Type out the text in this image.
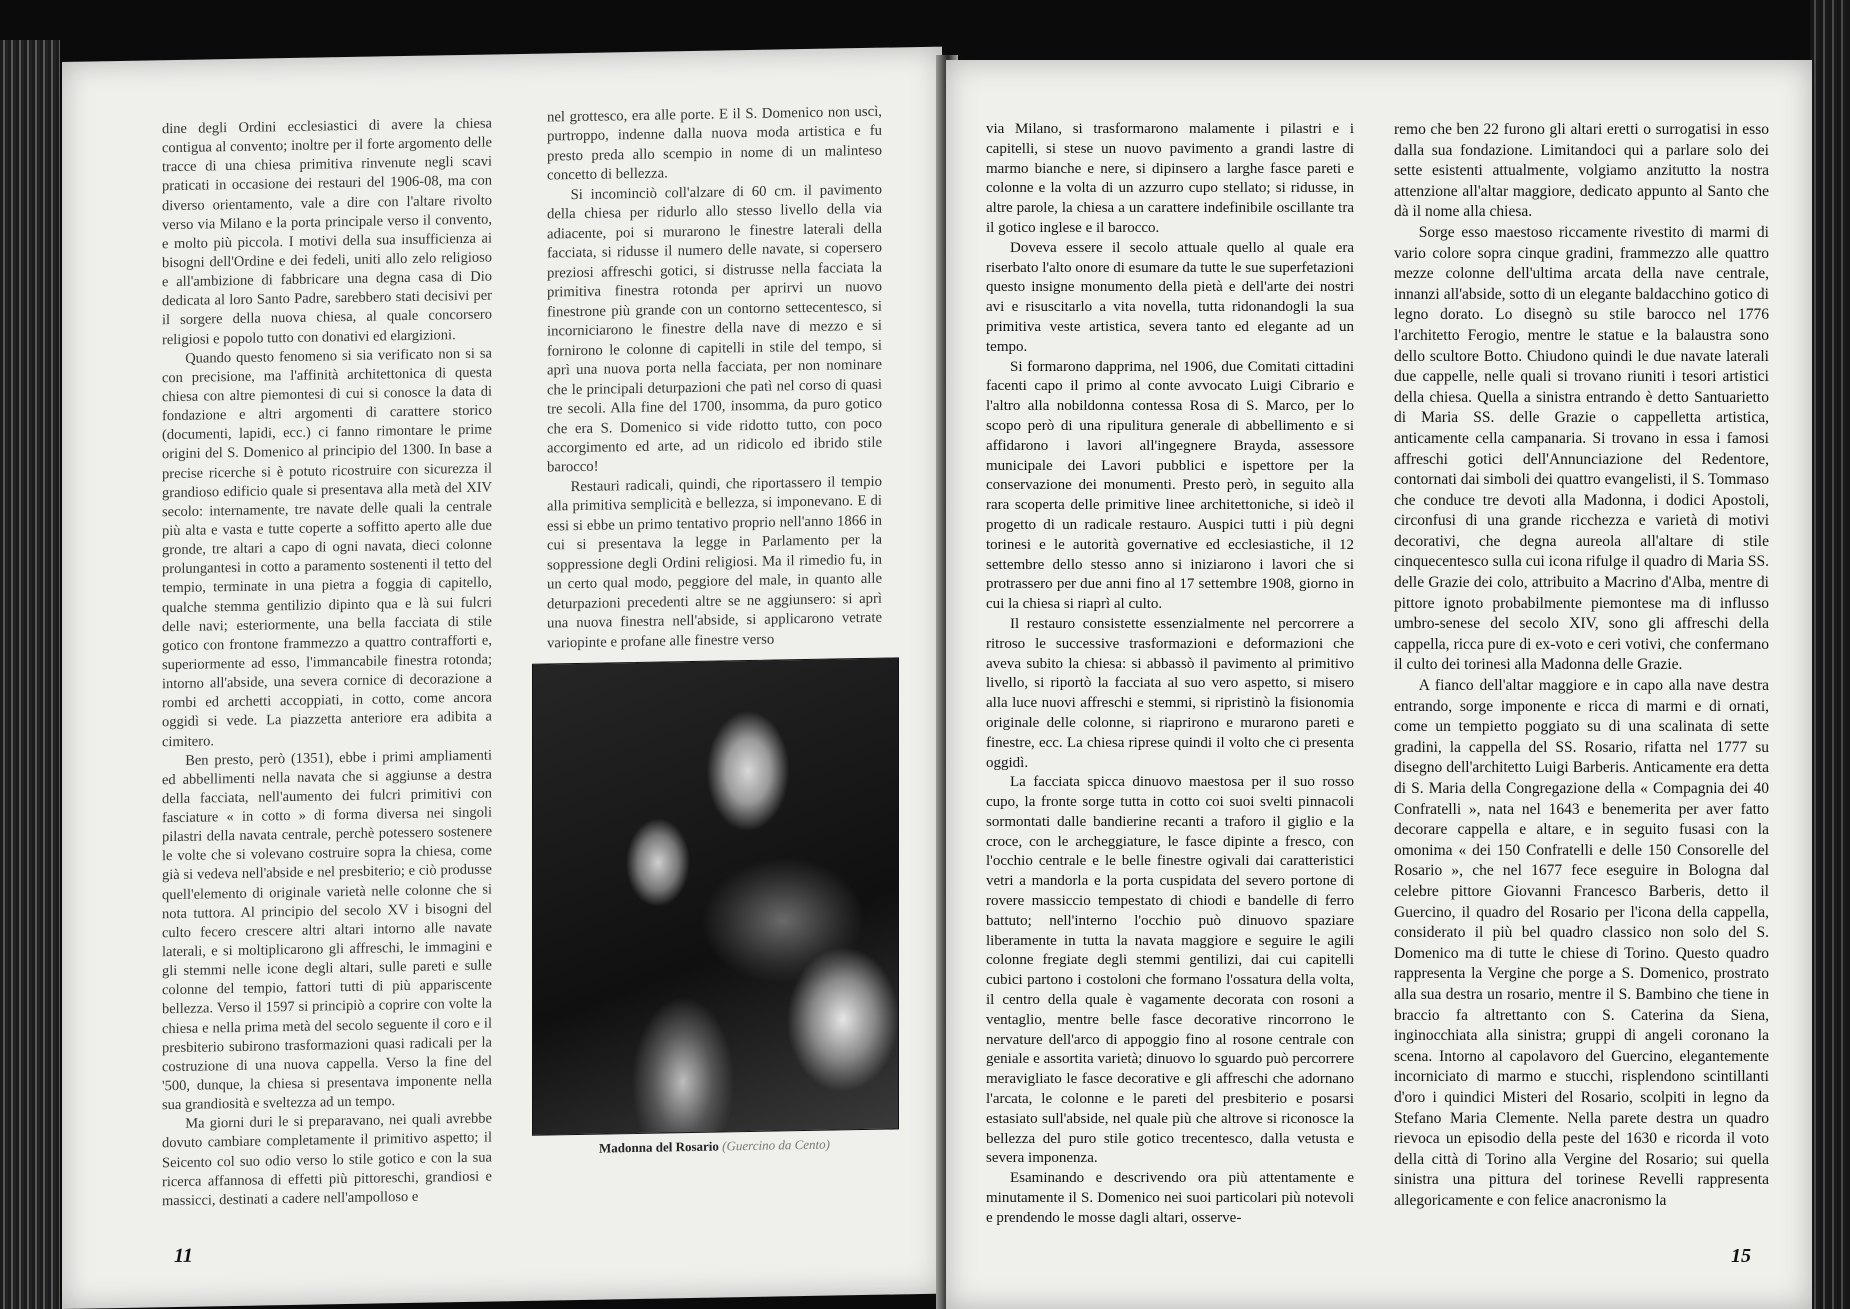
dine degli Ordini ecclesiastici di avere la chiesa contigua al convento; inoltre per il forte argomento delle tracce di una chiesa primitiva rinvenute negli scavi praticati in occasione dei restauri del 1906-08, ma con diverso orientamento, vale a dire con l'altare rivolto verso via Milano e la porta principale verso il convento, e molto più piccola. I motivi della sua insufficienza ai bisogni dell'Ordine e dei fedeli, uniti allo zelo religioso e all'ambizione di fabbricare una degna casa di Dio dedicata al loro Santo Padre, sarebbero stati decisivi per il sorgere della nuova chiesa, al quale concorsero religiosi e popolo tutto con donativi ed elargizioni.

Quando questo fenomeno si sia verificato non si sa con precisione, ma l'affinità architettonica di questa chiesa con altre piemontesi di cui si conosce la data di fondazione e altri argomenti di carattere storico (documenti, lapidi, ecc.) ci fanno rimontare le prime origini del S. Domenico al principio del 1300. In base a precise ricerche si è potuto ricostruire con sicurezza il grandioso edificio quale si presentava alla metà del XIV secolo: internamente, tre navate delle quali la centrale più alta e vasta e tutte coperte a soffitto aperto alle due gronde, tre altari a capo di ogni navata, dieci colonne prolungantesi in cotto a paramento sostenenti il tetto del tempio, terminate in una pietra a foggia di capitello, qualche stemma gentilizio dipinto qua e là sui fulcri delle navi; esteriormente, una bella facciata di stile gotico con frontone frammezzo a quattro contrafforti e, superiormente ad esso, l'immancabile finestra rotonda; intorno all'abside, una severa cornice di decorazione a rombi ed archetti accoppiati, in cotto, come ancora oggidì si vede. La piazzetta anteriore era adibita a cimitero.

Ben presto, però (1351), ebbe i primi ampliamenti ed abbellimenti nella navata che si aggiunse a destra della facciata, nell'aumento dei fulcri primitivi con fasciature « in cotto » di forma diversa nei singoli pilastri della navata centrale, perchè potessero sostenere le volte che si volevano costruire sopra la chiesa, come già si vedeva nell'abside e nel presbiterio; e ciò produsse quell'elemento di originale varietà nelle colonne che si nota tuttora. Al principio del secolo XV i bisogni del culto fecero crescere altri altari intorno alle navate laterali, e si moltiplicarono gli affreschi, le immagini e gli stemmi nelle icone degli altari, sulle pareti e sulle colonne del tempio, fattori tutti di più appariscente bellezza. Verso il 1597 si principiò a coprire con volte la chiesa e nella prima metà del secolo seguente il coro e il presbiterio subirono trasformazioni quasi radicali per la costruzione di una nuova cappella. Verso la fine del '500, dunque, la chiesa si presentava imponente nella sua grandiosità e sveltezza ad un tempo.

Ma giorni duri le si preparavano, nei quali avrebbe dovuto cambiare completamente il primitivo aspetto; il Seicento col suo odio verso lo stile gotico e con la sua ricerca affannosa di effetti più pittoreschi, grandiosi e massicci, destinati a cadere nell'ampolloso e

nel grottesco, era alle porte. E il S. Domenico non uscì, purtroppo, indenne dalla nuova moda artistica e fu presto preda allo scempio in nome di un malinteso concetto di bellezza.

Si incominciò coll'alzare di 60 cm. il pavimento della chiesa per ridurlo allo stesso livello della via adiacente, poi si murarono le finestre laterali della facciata, si ridusse il numero delle navate, si copersero preziosi affreschi gotici, si distrusse nella facciata la primitiva finestra rotonda per aprirvi un nuovo finestrone più grande con un contorno settecentesco, si incorniciarono le finestre della nave di mezzo e si fornirono le colonne di capitelli in stile del tempo, si aprì una nuova porta nella facciata, per non nominare che le principali deturpazioni che patì nel corso di quasi tre secoli. Alla fine del 1700, insomma, da puro gotico che era S. Domenico si vide ridotto tutto, con poco accorgimento ed arte, ad un ridicolo ed ibrido stile barocco!

Restauri radicali, quindi, che riportassero il tempio alla primitiva semplicità e bellezza, si imponevano. E di essi si ebbe un primo tentativo proprio nell'anno 1866 in cui si presentava la legge in Parlamento per la soppressione degli Ordini religiosi. Ma il rimedio fu, in un certo qual modo, peggiore del male, in quanto alle deturpazioni precedenti altre se ne aggiunsero: si aprì una nuova finestra nell'abside, si applicarono vetrate variopinte e profane alle finestre verso

Madonna del Rosario (Guercino da Cento)
11

via Milano, si trasformarono malamente i pilastri e i capitelli, si stese un nuovo pavimento a grandi lastre di marmo bianche e nere, si dipinsero a larghe fasce pareti e colonne e la volta di un azzurro cupo stellato; si ridusse, in altre parole, la chiesa a un carattere indefinibile oscillante tra il gotico inglese e il barocco.

Doveva essere il secolo attuale quello al quale era riserbato l'alto onore di esumare da tutte le sue superfetazioni questo insigne monumento della pietà e dell'arte dei nostri avi e risuscitarlo a vita novella, tutta ridonandogli la sua primitiva veste artistica, severa tanto ed elegante ad un tempo.

Si formarono dapprima, nel 1906, due Comitati cittadini facenti capo il primo al conte avvocato Luigi Cibrario e l'altro alla nobildonna contessa Rosa di S. Marco, per lo scopo però di una ripulitura generale di abbellimento e si affidarono i lavori all'ingegnere Brayda, assessore municipale dei Lavori pubblici e ispettore per la conservazione dei monumenti. Presto però, in seguito alla rara scoperta delle primitive linee architettoniche, si ideò il progetto di un radicale restauro. Auspici tutti i più degni torinesi e le autorità governative ed ecclesiastiche, il 12 settembre dello stesso anno si iniziarono i lavori che si protrassero per due anni fino al 17 settembre 1908, giorno in cui la chiesa si riaprì al culto.

Il restauro consistette essenzialmente nel percorrere a ritroso le successive trasformazioni e deformazioni che aveva subito la chiesa: si abbassò il pavimento al primitivo livello, si riportò la facciata al suo vero aspetto, si misero alla luce nuovi affreschi e stemmi, si ripristinò la fisionomia originale delle colonne, si riaprirono e murarono pareti e finestre, ecc. La chiesa riprese quindi il volto che ci presenta oggidì.

La facciata spicca dinuovo maestosa per il suo rosso cupo, la fronte sorge tutta in cotto coi suoi svelti pinnacoli sormontati dalle bandierine recanti a traforo il giglio e la croce, con le archeggiature, le fasce dipinte a fresco, con l'occhio centrale e le belle finestre ogivali dai caratteristici vetri a mandorla e la porta cuspidata del severo portone di rovere massiccio tempestato di chiodi e bandelle di ferro battuto; nell'interno l'occhio può dinuovo spaziare liberamente in tutta la navata maggiore e seguire le agili colonne fregiate degli stemmi gentilizi, dai cui capitelli cubici partono i costoloni che formano l'ossatura della volta, il centro della quale è vagamente decorata con rosoni a ventaglio, mentre belle fasce decorative rincorrono le nervature dell'arco di appoggio fino al rosone centrale con geniale e assortita varietà; dinuovo lo sguardo può percorrere meravigliato le fasce decorative e gli affreschi che adornano l'arcata, le colonne e le pareti del presbiterio e posarsi estasiato sull'abside, nel quale più che altrove si riconosce la bellezza del puro stile gotico trecentesco, dalla vetusta e severa imponenza.

Esaminando e descrivendo ora più attentamente e minutamente il S. Domenico nei suoi particolari più notevoli e prendendo le mosse dagli altari, osserve-

remo che ben 22 furono gli altari eretti o surrogatisi in esso dalla sua fondazione. Limitandoci qui a parlare solo dei sette esistenti attualmente, volgiamo anzitutto la nostra attenzione all'altar maggiore, dedicato appunto al Santo che dà il nome alla chiesa.

Sorge esso maestoso riccamente rivestito di marmi di vario colore sopra cinque gradini, frammezzo alle quattro mezze colonne dell'ultima arcata della nave centrale, innanzi all'abside, sotto di un elegante baldacchino gotico di legno dorato. Lo disegnò su stile barocco nel 1776 l'architetto Ferogio, mentre le statue e la balaustra sono dello scultore Botto. Chiudono quindi le due navate laterali due cappelle, nelle quali si trovano riuniti i tesori artistici della chiesa. Quella a sinistra entrando è detto Santuarietto di Maria SS. delle Grazie o cappelletta artistica, anticamente cella campanaria. Si trovano in essa i famosi affreschi gotici dell'Annunciazione del Redentore, contornati dai simboli dei quattro evangelisti, il S. Tommaso che conduce tre devoti alla Madonna, i dodici Apostoli, circonfusi di una grande ricchezza e varietà di motivi decorativi, che degna aureola all'altare di stile cinquecentesco sulla cui icona rifulge il quadro di Maria SS. delle Grazie dei colo, attribuito a Macrino d'Alba, mentre di pittore ignoto probabilmente piemontese ma di influsso umbro-senese del secolo XIV, sono gli affreschi della cappella, ricca pure di ex-voto e ceri votivi, che confermano il culto dei torinesi alla Madonna delle Grazie.

A fianco dell'altar maggiore e in capo alla nave destra entrando, sorge imponente e ricca di marmi e di ornati, come un tempietto poggiato su di una scalinata di sette gradini, la cappella del SS. Rosario, rifatta nel 1777 su disegno dell'architetto Luigi Barberis. Anticamente era detta di S. Maria della Congregazione della « Compagnia dei 40 Confratelli », nata nel 1643 e benemerita per aver fatto decorare cappella e altare, e in seguito fusasi con la omonima « dei 150 Confratelli e delle 150 Consorelle del Rosario », che nel 1677 fece eseguire in Bologna dal celebre pittore Giovanni Francesco Barberis, detto il Guercino, il quadro del Rosario per l'icona della cappella, considerato il più bel quadro classico non solo del S. Domenico ma di tutte le chiese di Torino. Questo quadro rappresenta la Vergine che porge a S. Domenico, prostrato alla sua destra un rosario, mentre il S. Bambino che tiene in braccio fa altrettanto con S. Caterina da Siena, inginocchiata alla sinistra; gruppi di angeli coronano la scena. Intorno al capolavoro del Guercino, elegantemente incorniciato di marmo e stucchi, risplendono scintillanti d'oro i quindici Misteri del Rosario, scolpiti in legno da Stefano Maria Clemente. Nella parete destra un quadro rievoca un episodio della peste del 1630 e ricorda il voto della città di Torino alla Vergine del Rosario; sui quella sinistra una pittura del torinese Revelli rappresenta allegoricamente e con felice anacronismo la

15
